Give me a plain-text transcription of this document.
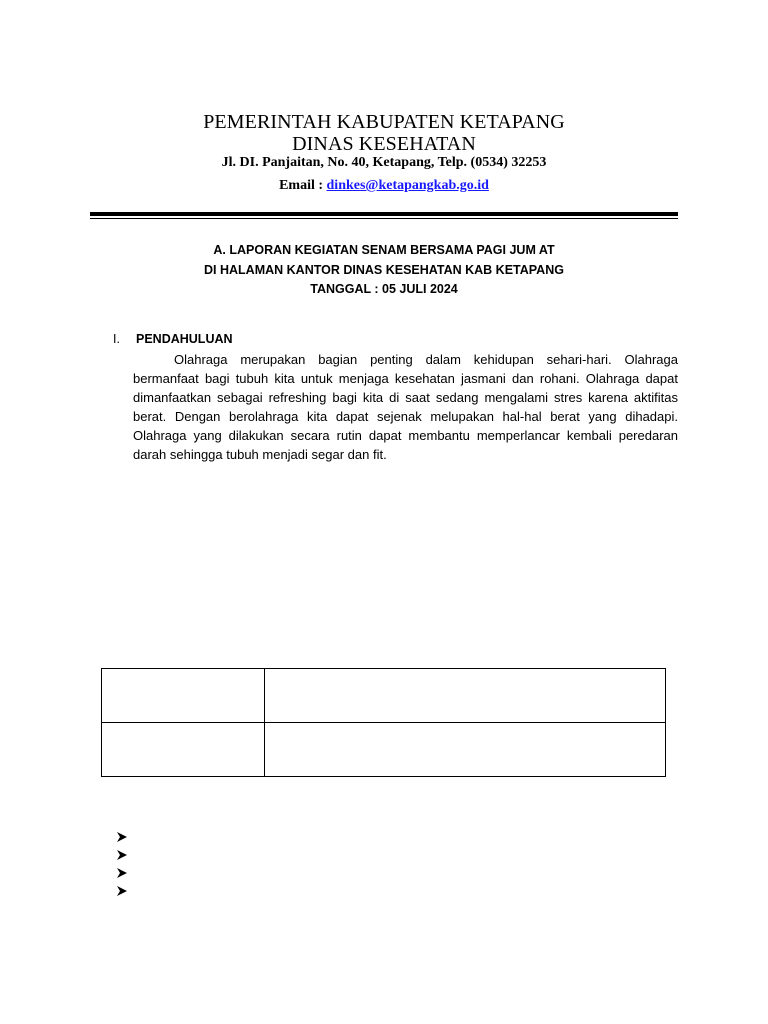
PEMERINTAH KABUPATEN KETAPANG
DINAS KESEHATAN
Jl. DI. Panjaitan, No. 40, Ketapang, Telp. (0534) 32253
Email : dinkes@ketapangkab.go.id
A. LAPORAN KEGIATAN SENAM BERSAMA PAGI JUM AT
DI HALAMAN KANTOR DINAS KESEHATAN KAB KETAPANG
TANGGAL : 05 JULI 2024
I. PENDAHULUAN

Olahraga merupakan bagian penting dalam kehidupan sehari-hari. Olahraga bermanfaat bagi tubuh kita untuk menjaga kesehatan jasmani dan rohani. Olahraga dapat dimanfaatkan sebagai refreshing bagi kita di saat sedang mengalami stres karena aktifitas berat. Dengan berolahraga kita dapat sejenak melupakan hal-hal berat yang dihadapi. Olahraga yang dilakukan secara rutin dapat membantu memperlancar kembali peredaran darah sehingga tubuh menjadi segar dan fit.
